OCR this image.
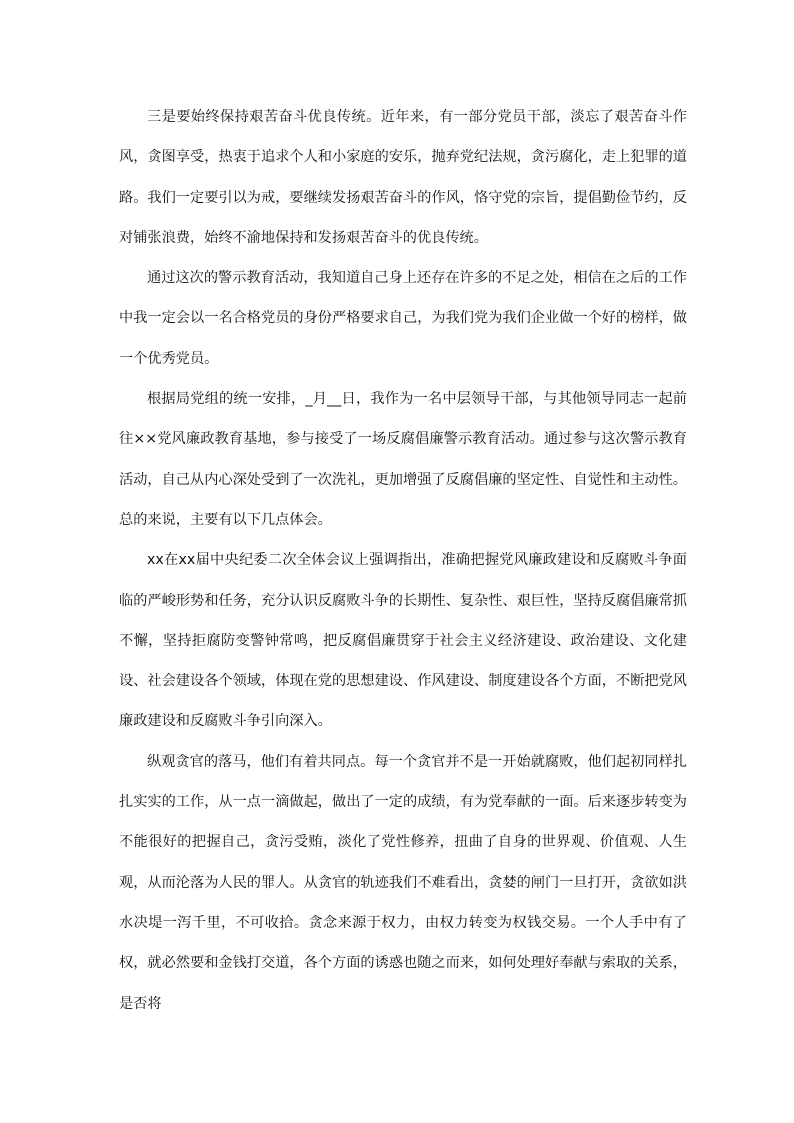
三是要始终保持艰苦奋斗优良传统。近年来，有一部分党员干部，淡忘了艰苦奋斗作风，贪图享受，热衷于追求个人和小家庭的安乐，抛弃党纪法规，贪污腐化，走上犯罪的道路。我们一定要引以为戒，要继续发扬艰苦奋斗的作风，恪守党的宗旨，提倡勤俭节约，反对铺张浪费，始终不渝地保持和发扬艰苦奋斗的优良传统。

通过这次的警示教育活动，我知道自己身上还存在许多的不足之处，相信在之后的工作中我一定会以一名合格党员的身份严格要求自己，为我们党为我们企业做一个好的榜样，做一个优秀党员。

根据局党组的统一安排，_月__日，我作为一名中层领导干部，与其他领导同志一起前往××党风廉政教育基地，参与接受了一场反腐倡廉警示教育活动。通过参与这次警示教育活动，自己从内心深处受到了一次洗礼，更加增强了反腐倡廉的坚定性、自觉性和主动性。总的来说，主要有以下几点体会。

xx在xx届中央纪委二次全体会议上强调指出，准确把握党风廉政建设和反腐败斗争面临的严峻形势和任务，充分认识反腐败斗争的长期性、复杂性、艰巨性，坚持反腐倡廉常抓不懈，坚持拒腐防变警钟常鸣，把反腐倡廉贯穿于社会主义经济建设、政治建设、文化建设、社会建设各个领域，体现在党的思想建设、作风建设、制度建设各个方面，不断把党风廉政建设和反腐败斗争引向深入。

纵观贪官的落马，他们有着共同点。每一个贪官并不是一开始就腐败，他们起初同样扎扎实实的工作，从一点一滴做起，做出了一定的成绩，有为党奉献的一面。后来逐步转变为不能很好的把握自己，贪污受贿，淡化了党性修养，扭曲了自身的世界观、价值观、人生观，从而沦落为人民的罪人。从贪官的轨迹我们不难看出，贪婪的闸门一旦打开，贪欲如洪水决堤一泻千里，不可收拾。贪念来源于权力，由权力转变为权钱交易。一个人手中有了权，就必然要和金钱打交道，各个方面的诱惑也随之而来，如何处理好奉献与索取的关系，是否将
